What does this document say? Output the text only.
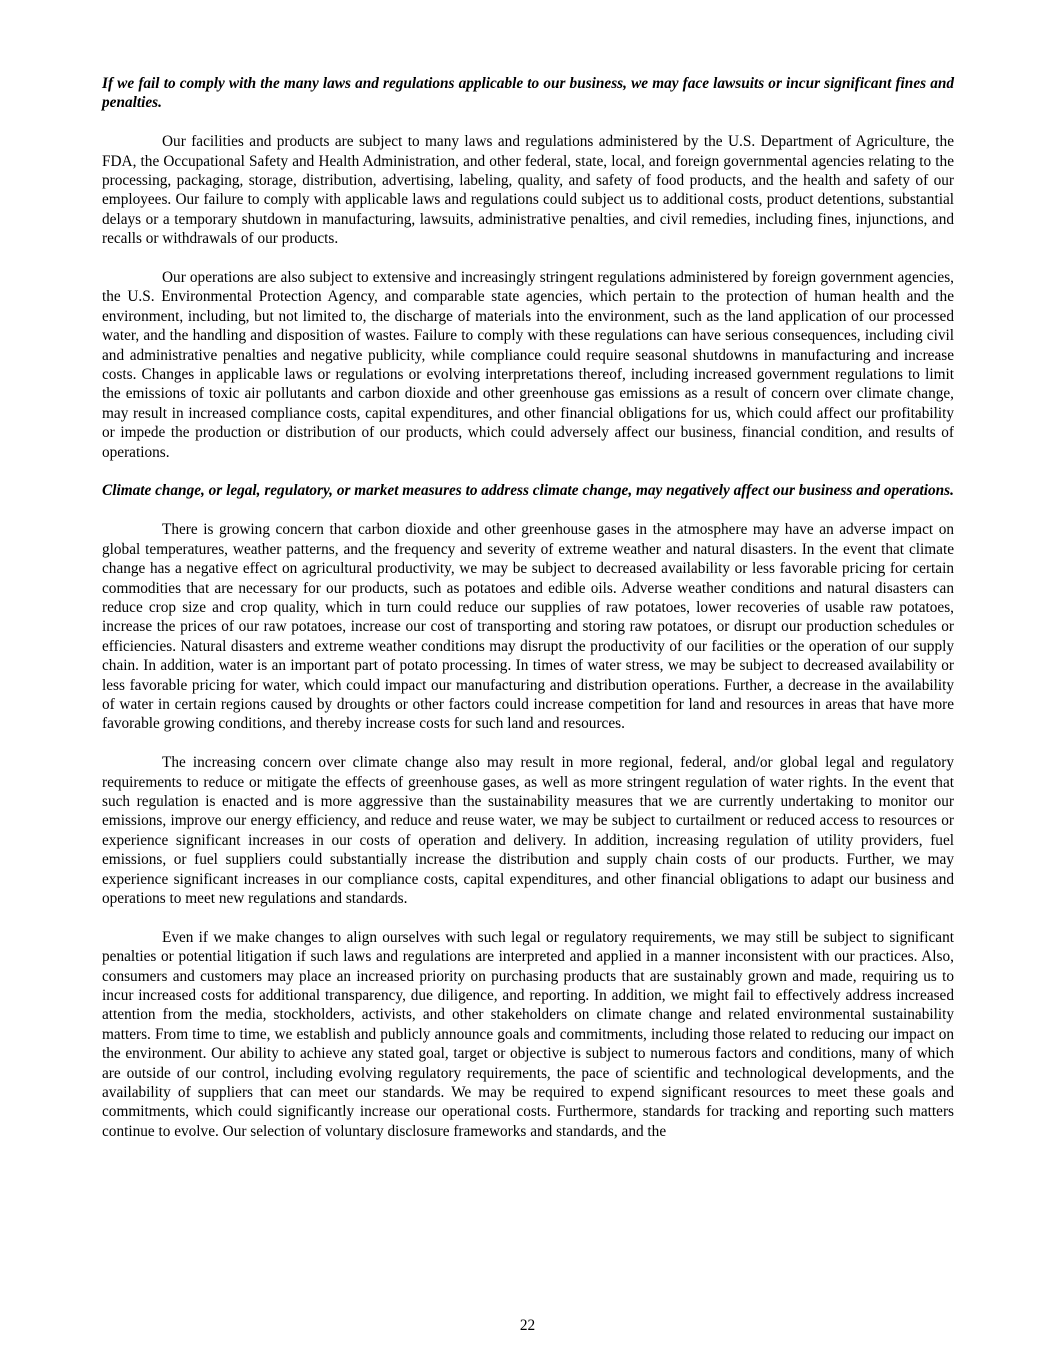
If we fail to comply with the many laws and regulations applicable to our business, we may face lawsuits or incur significant fines and penalties.

Our facilities and products are subject to many laws and regulations administered by the U.S. Department of Agriculture, the FDA, the Occupational Safety and Health Administration, and other federal, state, local, and foreign governmental agencies relating to the processing, packaging, storage, distribution, advertising, labeling, quality, and safety of food products, and the health and safety of our employees. Our failure to comply with applicable laws and regulations could subject us to additional costs, product detentions, substantial delays or a temporary shutdown in manufacturing, lawsuits, administrative penalties, and civil remedies, including fines, injunctions, and recalls or withdrawals of our products.

Our operations are also subject to extensive and increasingly stringent regulations administered by foreign government agencies, the U.S. Environmental Protection Agency, and comparable state agencies, which pertain to the protection of human health and the environment, including, but not limited to, the discharge of materials into the environment, such as the land application of our processed water, and the handling and disposition of wastes. Failure to comply with these regulations can have serious consequences, including civil and administrative penalties and negative publicity, while compliance could require seasonal shutdowns in manufacturing and increase costs. Changes in applicable laws or regulations or evolving interpretations thereof, including increased government regulations to limit the emissions of toxic air pollutants and carbon dioxide and other greenhouse gas emissions as a result of concern over climate change, may result in increased compliance costs, capital expenditures, and other financial obligations for us, which could affect our profitability or impede the production or distribution of our products, which could adversely affect our business, financial condition, and results of operations.

Climate change, or legal, regulatory, or market measures to address climate change, may negatively affect our business and operations.

There is growing concern that carbon dioxide and other greenhouse gases in the atmosphere may have an adverse impact on global temperatures, weather patterns, and the frequency and severity of extreme weather and natural disasters. In the event that climate change has a negative effect on agricultural productivity, we may be subject to decreased availability or less favorable pricing for certain commodities that are necessary for our products, such as potatoes and edible oils. Adverse weather conditions and natural disasters can reduce crop size and crop quality, which in turn could reduce our supplies of raw potatoes, lower recoveries of usable raw potatoes, increase the prices of our raw potatoes, increase our cost of transporting and storing raw potatoes, or disrupt our production schedules or efficiencies. Natural disasters and extreme weather conditions may disrupt the productivity of our facilities or the operation of our supply chain. In addition, water is an important part of potato processing. In times of water stress, we may be subject to decreased availability or less favorable pricing for water, which could impact our manufacturing and distribution operations. Further, a decrease in the availability of water in certain regions caused by droughts or other factors could increase competition for land and resources in areas that have more favorable growing conditions, and thereby increase costs for such land and resources.

The increasing concern over climate change also may result in more regional, federal, and/or global legal and regulatory requirements to reduce or mitigate the effects of greenhouse gases, as well as more stringent regulation of water rights. In the event that such regulation is enacted and is more aggressive than the sustainability measures that we are currently undertaking to monitor our emissions, improve our energy efficiency, and reduce and reuse water, we may be subject to curtailment or reduced access to resources or experience significant increases in our costs of operation and delivery. In addition, increasing regulation of utility providers, fuel emissions, or fuel suppliers could substantially increase the distribution and supply chain costs of our products. Further, we may experience significant increases in our compliance costs, capital expenditures, and other financial obligations to adapt our business and operations to meet new regulations and standards.

Even if we make changes to align ourselves with such legal or regulatory requirements, we may still be subject to significant penalties or potential litigation if such laws and regulations are interpreted and applied in a manner inconsistent with our practices. Also, consumers and customers may place an increased priority on purchasing products that are sustainably grown and made, requiring us to incur increased costs for additional transparency, due diligence, and reporting. In addition, we might fail to effectively address increased attention from the media, stockholders, activists, and other stakeholders on climate change and related environmental sustainability matters. From time to time, we establish and publicly announce goals and commitments, including those related to reducing our impact on the environment. Our ability to achieve any stated goal, target or objective is subject to numerous factors and conditions, many of which are outside of our control, including evolving regulatory requirements, the pace of scientific and technological developments, and the availability of suppliers that can meet our standards. We may be required to expend significant resources to meet these goals and commitments, which could significantly increase our operational costs. Furthermore, standards for tracking and reporting such matters continue to evolve. Our selection of voluntary disclosure frameworks and standards, and the

22
